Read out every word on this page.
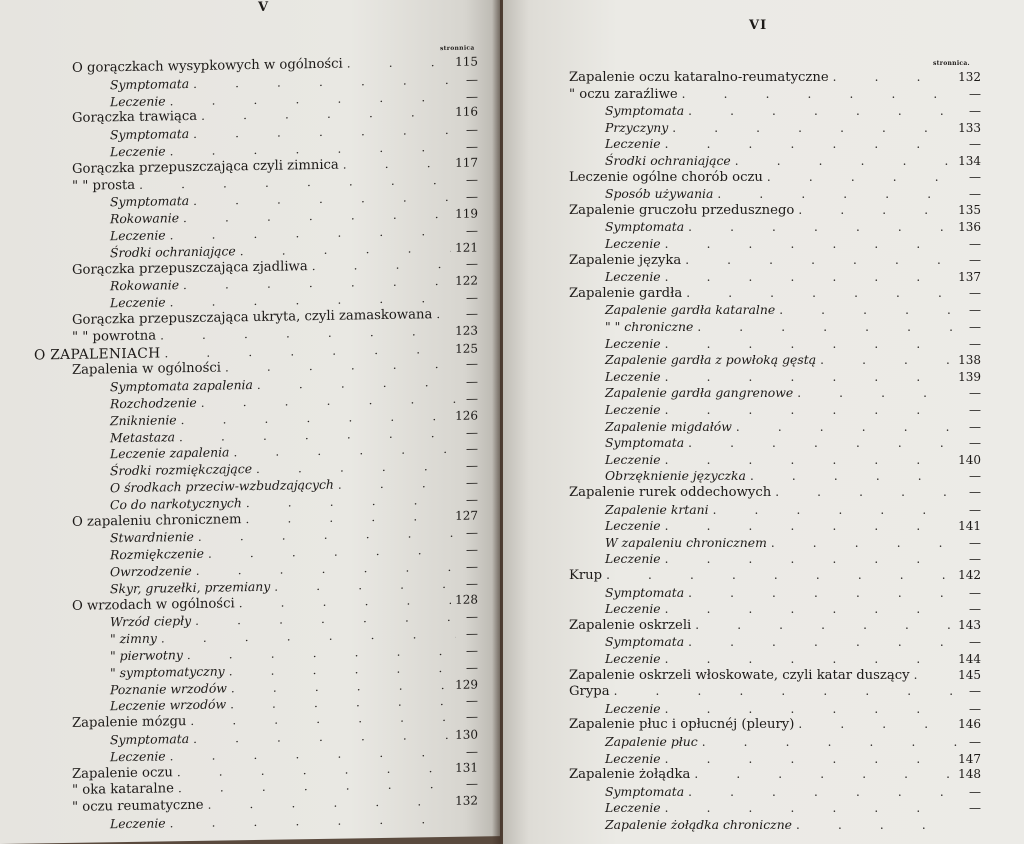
V
stronnica
O gorączkach wysypkowych w ogólności .	115
Symptomata .	—
Leczenie .	—
Gorączka trawiąca .	116
Symptomata .	—
Leczenie .	—
Gorączka przepuszczająca czyli zimnica .	117
" " prosta .	—
Symptomata .	—
Rokowanie .	119
Leczenie .	—
Środki ochraniające .	121
Gorączka przepuszczająca zjadliwa .	—
Rokowanie .	122
Leczenie .	—
Gorączka przepuszczająca ukryta, czyli zamaskowana .	—
" " powrotna .	123
O ZAPALENIACH .	125
Zapalenia w ogólności .	—
Symptomata zapalenia .	—
Rozchodzenie .	—
Zniknienie .	126
Metastaza .	—
Leczenie zapalenia .	—
Środki rozmiękczające .	—
O środkach przeciw-wzbudzających .	—
Co do narkotycznych .	—
O zapaleniu chronicznem .	127
Stwardnienie .	—
Rozmiękczenie .	—
Owrzodzenie .	—
Skyr, gruzełki, przemiany .	—
O wrzodach w ogólności .	128
Wrzód ciepły .	—
" zimny .	—
" pierwotny .	—
" symptomatyczny .	—
Poznanie wrzodów .	129
Leczenie wrzodów .	—
Zapalenie mózgu .	—
Symptomata .	130
Leczenie .	—
Zapalenie oczu .	131
" oka kataralne .	—
" oczu reumatyczne .	132
Leczenie
.
VI
stronnica.
Zapalenie oczu kataralno-reumatyczne .	132
" oczu zaraźliwe .	—
Symptomata .	—
Przyczyny .	133
Leczenie .	—
Środki ochraniające .	134
Leczenie ogólne chorób oczu .	—
Sposób używania .	—
Zapalenie gruczołu przedusznego .	135
Symptomata .	136
Leczenie .	—
Zapalenie języka .	—
Leczenie .	137
Zapalenie gardła .	—
Zapalenie gardła kataralne .	—
" " chroniczne .	—
Leczenie .	—
Zapalenie gardła z powłoką gęstą .	138
Leczenie .	139
Zapalenie gardła gangrenowe .	—
Leczenie .	—
Zapalenie migdałów .	—
Symptomata .	—
Leczenie .	140
Obrzęknienie języczka .	—
Zapalenie rurek oddechowych .	—
Zapalenie krtani .	—
Leczenie .	141
W zapaleniu chronicznem .	—
Leczenie .	—
Krup .	142
Symptomata .	—
Leczenie .	—
Zapalenie oskrzeli .	143
Symptomata .	—
Leczenie .	144
Zapalenie oskrzeli włoskowate, czyli katar duszący .	145
Grypa .	—
Leczenie .	—
Zapalenie płuc i opłucnéj (pleury) .	146
Zapalenie płuc .	—
Leczenie .	147
Zapalenie żołądka .	148
Symptomata .	—
Leczenie .	—
Zapalenie żołądka chroniczne
.
